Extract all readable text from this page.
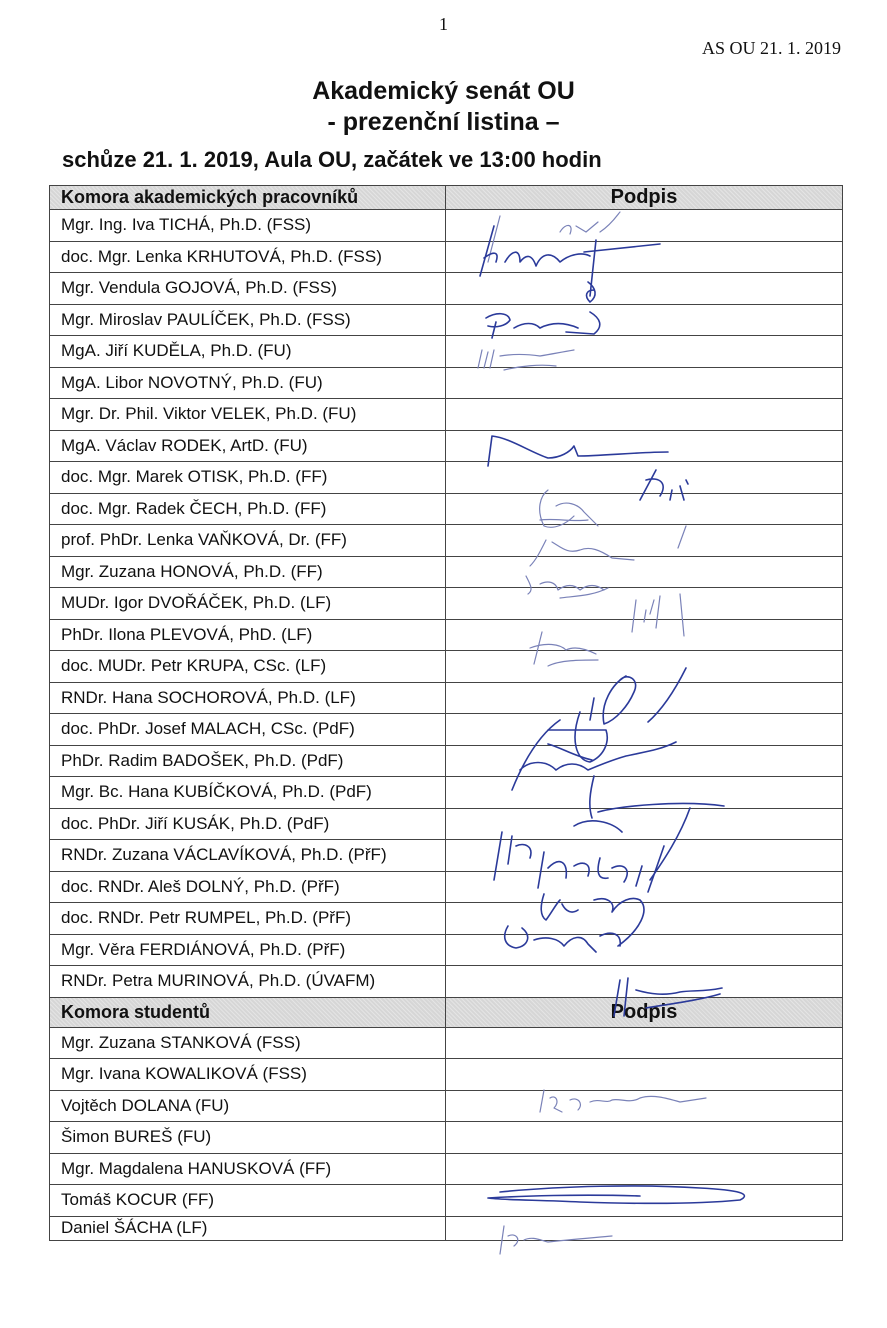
1
AS OU 21. 1. 2019
Akademický senát OU
- prezenční listina –
schůze 21. 1. 2019, Aula OU, začátek ve 13:00 hodin
Komora akademických pracovníků	Podpis
Mgr. Ing. Iva TICHÁ, Ph.D. (FSS)	
doc. Mgr. Lenka KRHUTOVÁ, Ph.D. (FSS)	
Mgr. Vendula GOJOVÁ, Ph.D. (FSS)	
Mgr. Miroslav PAULÍČEK, Ph.D. (FSS)	
MgA. Jiří KUDĚLA, Ph.D. (FU)	
MgA. Libor NOVOTNÝ, Ph.D. (FU)	
Mgr. Dr. Phil. Viktor VELEK, Ph.D. (FU)	
MgA. Václav RODEK, ArtD. (FU)	
doc. Mgr. Marek OTISK, Ph.D. (FF)	
doc. Mgr. Radek ČECH, Ph.D. (FF)	
prof. PhDr. Lenka VAŇKOVÁ, Dr. (FF)	
Mgr. Zuzana HONOVÁ, Ph.D. (FF)	
MUDr. Igor DVOŘÁČEK, Ph.D. (LF)	
PhDr. Ilona PLEVOVÁ, PhD. (LF)	
doc. MUDr. Petr KRUPA, CSc. (LF)	
RNDr. Hana SOCHOROVÁ, Ph.D. (LF)	
doc. PhDr. Josef MALACH, CSc. (PdF)	
PhDr. Radim BADOŠEK, Ph.D. (PdF)	
Mgr. Bc. Hana KUBÍČKOVÁ, Ph.D. (PdF)	
doc. PhDr. Jiří KUSÁK, Ph.D. (PdF)	
RNDr. Zuzana VÁCLAVÍKOVÁ, Ph.D. (PřF)	
doc. RNDr. Aleš DOLNÝ, Ph.D. (PřF)	
doc. RNDr. Petr RUMPEL, Ph.D. (PřF)	
Mgr. Věra FERDIÁNOVÁ, Ph.D. (PřF)	
RNDr. Petra MURINOVÁ, Ph.D. (ÚVAFM)	
Komora studentů	Podpis
Mgr. Zuzana STANKOVÁ (FSS)	
Mgr. Ivana KOWALIKOVÁ (FSS)	
Vojtěch DOLANA (FU)	
Šimon BUREŠ (FU)	
Mgr. Magdalena HANUSKOVÁ (FF)	
Tomáš KOCUR (FF)	
Daniel ŠÁCHA (LF)	
